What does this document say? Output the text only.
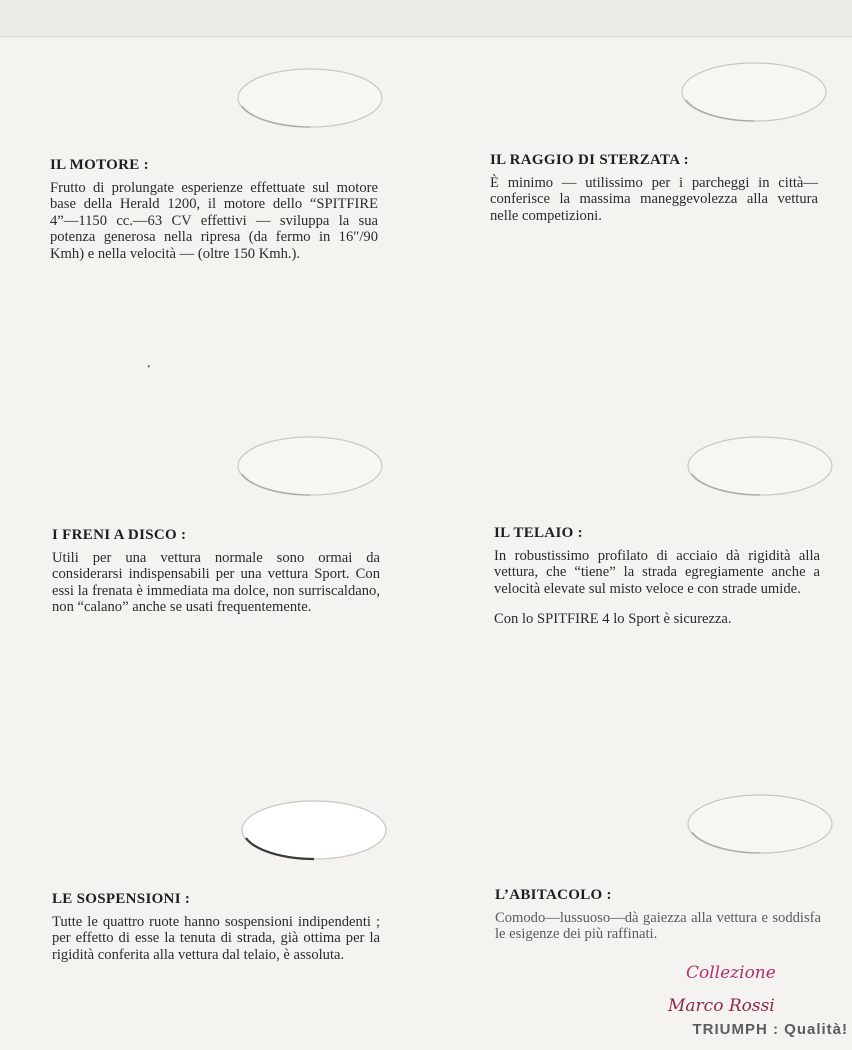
IL MOTORE :

Frutto di prolungate esperienze effettuate sul motore base della Herald 1200, il motore dello “SPITFIRE 4”—1150 cc.—63 CV effettivi — sviluppa la sua potenza generosa nella ripresa (da fermo in 16″/90 Kmh) e nella velocità — (oltre 150 Kmh.).

IL RAGGIO DI STERZATA :

È minimo — utilissimo per i parcheggi in città—conferisce la massima maneggevolezza alla vettura nelle competizioni.

•
I FRENI A DISCO :

Utili per una vettura normale sono ormai da considerarsi indispensabili per una vettura Sport. Con essi la frenata è immediata ma dolce, non surriscaldano, non “calano” anche se usati frequentemente.

IL TELAIO :

In robustissimo profilato di acciaio dà rigidità alla vettura, che “tiene” la strada egregiamente anche a velocità elevate sul misto veloce e con strade umide.

Con lo SPITFIRE 4 lo Sport è sicurezza.

LE SOSPENSIONI :

Tutte le quattro ruote hanno sospensioni indipendenti ; per effetto di esse la tenuta di strada, già ottima per la rigidità conferita alla vettura dal telaio, è assoluta.

L’ABITACOLO :

Comodo—lussuoso—dà gaiezza alla vettura e soddisfa le esigenze dei più raffinati.

Collezione
Marco Rossi
TRIUMPH : Qualità!
